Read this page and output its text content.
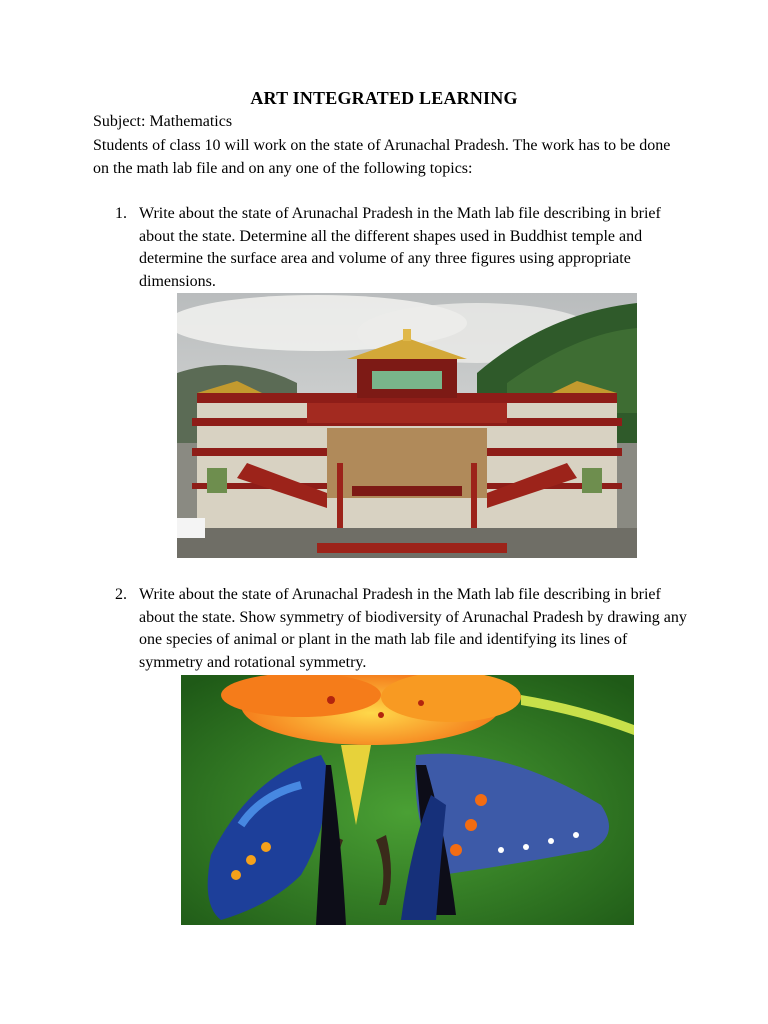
ART INTEGRATED LEARNING
Subject: Mathematics

Students of class 10 will work on the state of Arunachal Pradesh. The work has to be done on the math lab file and on any one of the following topics:

1. Write about the state of Arunachal Pradesh in the Math lab file describing in brief about the state. Determine all the different shapes used in Buddhist temple and determine the surface area and volume of any three figures using appropriate dimensions.

2. Write about the state of Arunachal Pradesh in the Math lab file describing in brief about the state. Show symmetry of biodiversity of Arunachal Pradesh by drawing any one species of animal or plant in the math lab file and identifying its lines of symmetry and rotational symmetry.
